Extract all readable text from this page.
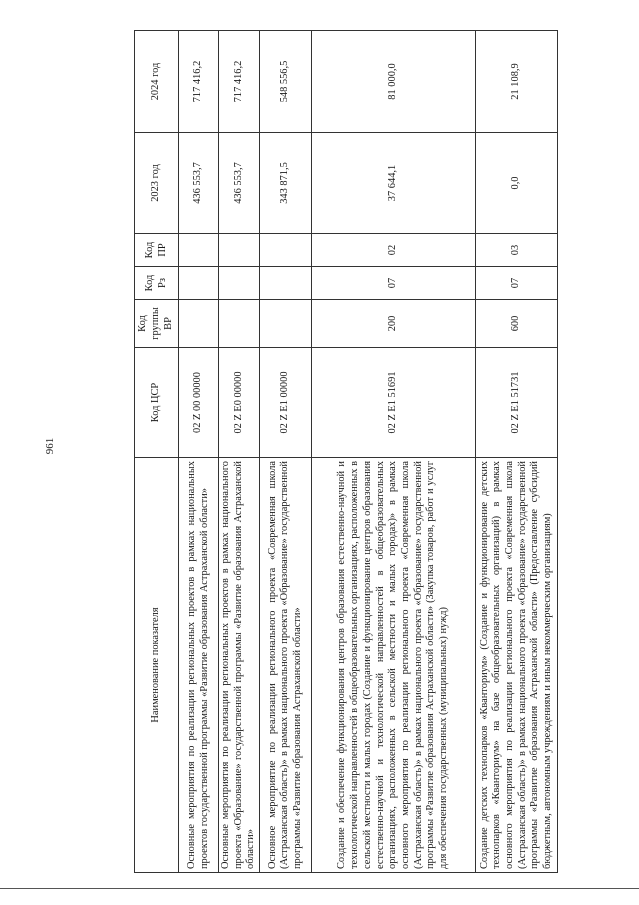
961
Наименование показателя	Код ЦСР	Код группы ВР	Код Рз	Код ПР	2023 год	2024 год
Основные мероприятия по реализации региональных проектов в рамках национальных проектов государственной программы «Развитие образования Астраханской области»	02 Z 00 00000				436 553,7	717 416,2
Основные мероприятия по реализации региональных проектов в рамках национального проекта «Образование» государственной программы «Развитие образования Астраханской области»	02 Z E0 00000				436 553,7	717 416,2
Основное мероприятие по реализации регионального проекта «Современная школа (Астраханская область)» в рамках национального проекта «Образование» государственной программы «Развитие образования Астраханской области»	02 Z E1 00000				343 871,5	548 556,5
Создание и обеспечение функционирования центров образования естественно-научной и технологической направленностей в общеобразовательных организациях, расположенных в сельской местности и малых городах (Создание и функционирование центров образования естественно-научной и технологической направленностей в общеобразовательных организациях, расположенных в сельской местности и малых городах)» в рамках основного мероприятия по реализации регионального проекта «Современная школа (Астраханская область)» в рамках национального проекта «Образование» государственной программы «Развитие образования Астраханской области» (Закупка товаров, работ и услуг для обеспечения государственных (муниципальных) нужд)	02 Z E1 51691	200	07	02	37 644,1	81 000,0
Создание детских технопарков «Кванториум» (Создание и функционирование детских технопарков «Кванториум» на базе общеобразовательных организаций) в рамках основного мероприятия по реализации регионального проекта «Современная школа (Астраханская область)» в рамках национального проекта «Образование» государственной программы «Развитие образования Астраханской области» (Предоставление субсидий бюджетным, автономным учреждениям и иным некоммерческим организациям)	02 Z E1 51731	600	07	03	0,0	21 108,9
